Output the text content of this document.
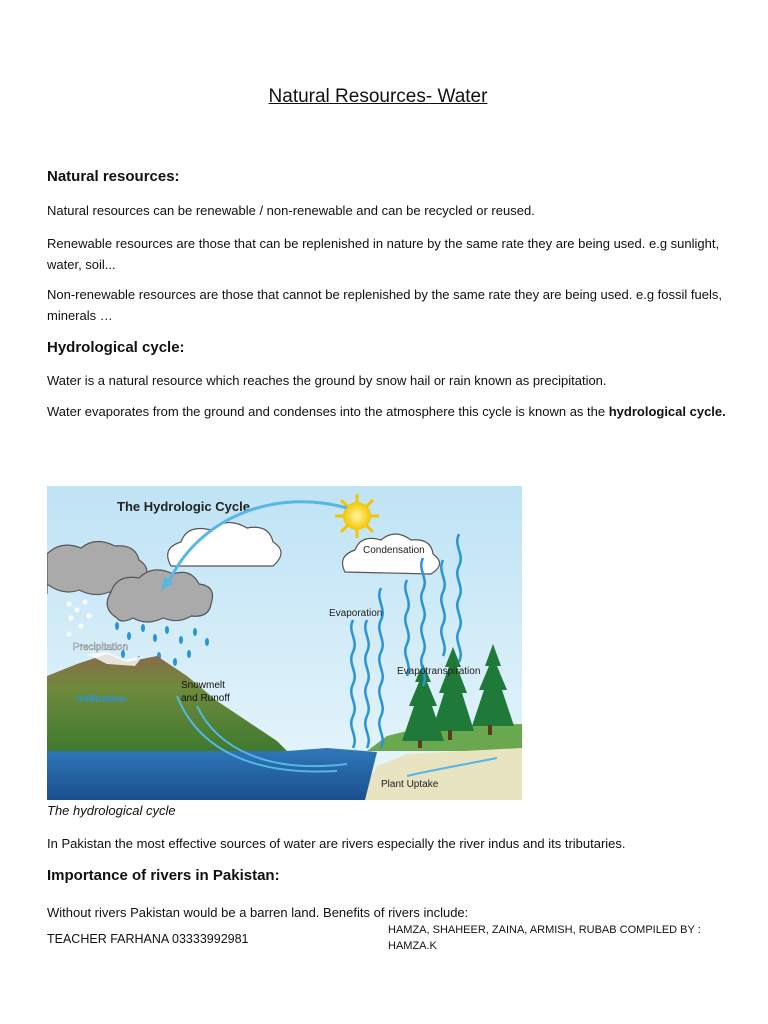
Natural Resources- Water
Natural resources:
Natural resources can be renewable / non-renewable and can be recycled or reused.
Renewable resources are those that can be replenished in nature by the same rate they are being used. e.g sunlight, water, soil...
Non-renewable resources are those that cannot be replenished by the same rate they are being used. e.g fossil fuels, minerals …
Hydrological cycle:
Water is a natural resource which reaches the ground by snow hail or rain known as precipitation.
Water evaporates from the ground and condenses into the atmosphere this cycle is known as the hydrological cycle.
The Hydrologic Cycle
Condensation
Evaporation
Precipitation
Infiltration
Snowmelt
and Runoff
Evapotranspiration
Plant Uptake
The hydrological cycle
In Pakistan the most effective sources of water are rivers especially the river indus and its tributaries.
Importance of rivers in Pakistan:
Without rivers Pakistan would be a barren land. Benefits of rivers include:
TEACHER FARHANA 03333992981
HAMZA, SHAHEER, ZAINA, ARMISH, RUBAB COMPILED BY : HAMZA.K
